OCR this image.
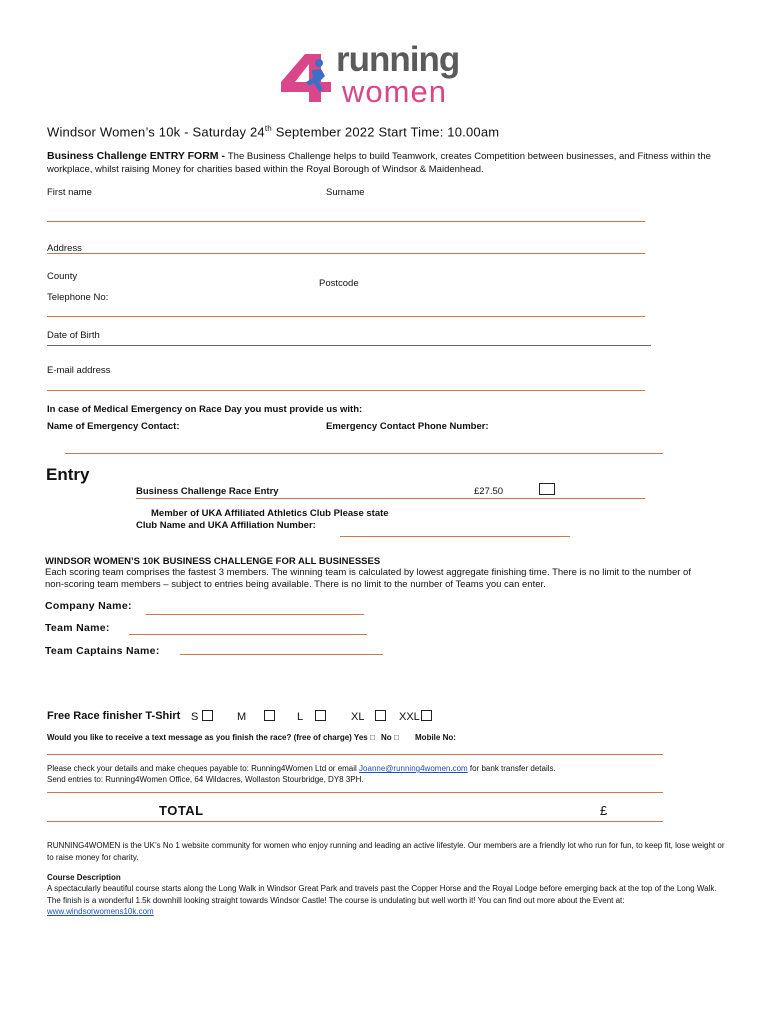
running
women
Windsor Women’s 10k - Saturday 24th September 2022 Start Time: 10.00am
Business Challenge ENTRY FORM - The Business Challenge helps to build Teamwork, creates Competition between businesses, and Fitness within the workplace, whilst raising Money for charities based within the Royal Borough of Windsor & Maidenhead.
First name	Surname
Address
County
Postcode
Telephone No:
Date of Birth
E-mail address
In case of Medical Emergency on Race Day you must provide us with:
Name of Emergency Contact:	Emergency Contact Phone Number:
Entry
Business Challenge Race Entry	£27.50
Member of UKA Affiliated Athletics Club Please state
Club Name and UKA Affiliation Number:
WINDSOR WOMEN’S 10K BUSINESS CHALLENGE FOR ALL BUSINESSES
Each scoring team comprises the fastest 3 members. The winning team is calculated by lowest aggregate finishing time. There is no limit to the number of non-scoring team members – subject to entries being available. There is no limit to the number of Teams you can enter.
Company Name:
Team Name:
Team Captains Name:
Free Race finisher T-Shirt S	M	L	XL	XXL
Would you like to receive a text message as you finish the race? (free of charge) Yes □ No □ Mobile No:
Please check your details and make cheques payable to: Running4Women Ltd or email Joanne@running4women.com for bank transfer details.
Send entries to: Running4Women Office, 64 Wildacres, Wollaston Stourbridge, DY8 3PH.
TOTAL	£
RUNNING4WOMEN is the UK’s No 1 website community for women who enjoy running and leading an active lifestyle. Our members are a friendly lot who run for fun, to keep fit, lose weight or to raise money for charity.
Course Description
A spectacularly beautiful course starts along the Long Walk in Windsor Great Park and travels past the Copper Horse and the Royal Lodge before emerging back at the top of the Long Walk. The finish is a wonderful 1.5k downhill looking straight towards Windsor Castle! The course is undulating but well worth it! You can find out more about the Event at:
www.windsorwomens10k.com
